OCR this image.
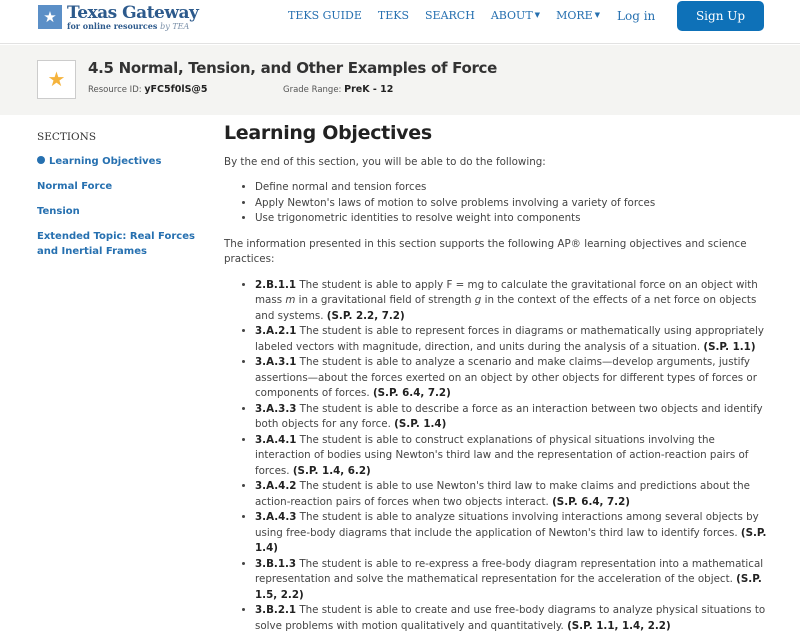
★ Texas Gateway
for online resources by TEA
TEKS GUIDE TEKS SEARCH ABOUT ▼ MORE ▼ Log in	Sign Up
★	4.5 Normal, Tension, and Other Examples of Force
Resource ID: yFC5f0lS@5	Grade Range: PreK - 12
SECTIONS
Learning Objectives
Normal Force
Tension
Extended Topic: Real Forces and Inertial Frames
Learning Objectives

By the end of this section, you will be able to do the following:

• Define normal and tension forces
• Apply Newton's laws of motion to solve problems involving a variety of forces
• Use trigonometric identities to resolve weight into components

The information presented in this section supports the following AP® learning objectives and science practices:

• 2.B.1.1 The student is able to apply F = mg to calculate the gravitational force on an object with mass m in a gravitational field of strength g in the context of the effects of a net force on objects and systems. (S.P. 2.2, 7.2)
• 3.A.2.1 The student is able to represent forces in diagrams or mathematically using appropriately labeled vectors with magnitude, direction, and units during the analysis of a situation. (S.P. 1.1)
• 3.A.3.1 The student is able to analyze a scenario and make claims—develop arguments, justify assertions—about the forces exerted on an object by other objects for different types of forces or components of forces. (S.P. 6.4, 7.2)
• 3.A.3.3 The student is able to describe a force as an interaction between two objects and identify both objects for any force. (S.P. 1.4)
• 3.A.4.1 The student is able to construct explanations of physical situations involving the interaction of bodies using Newton's third law and the representation of action-reaction pairs of forces. (S.P. 1.4, 6.2)
• 3.A.4.2 The student is able to use Newton's third law to make claims and predictions about the action-reaction pairs of forces when two objects interact. (S.P. 6.4, 7.2)
• 3.A.4.3 The student is able to analyze situations involving interactions among several objects by using free-body diagrams that include the application of Newton's third law to identify forces. (S.P. 1.4)
• 3.B.1.3 The student is able to re-express a free-body diagram representation into a mathematical representation and solve the mathematical representation for the acceleration of the object. (S.P. 1.5, 2.2)
• 3.B.2.1 The student is able to create and use free-body diagrams to analyze physical situations to solve problems with motion qualitatively and quantitatively. (S.P. 1.1, 1.4, 2.2)
